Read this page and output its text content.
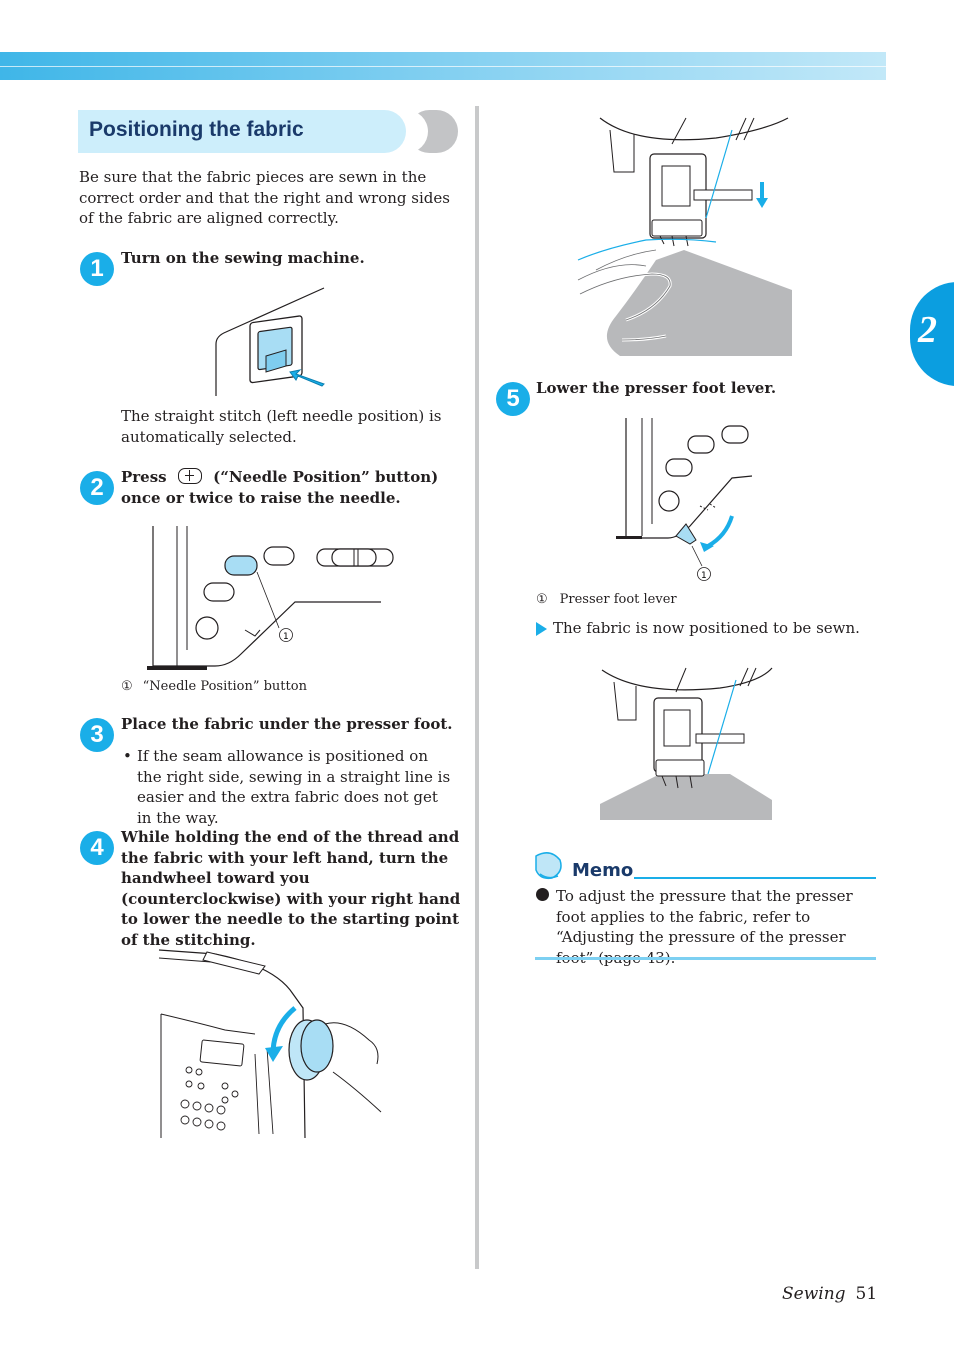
2
Positioning the fabric

Be sure that the fabric pieces are sewn in the correct order and that the right and wrong sides of the fabric are aligned correctly.

1	Turn on the sewing machine.

The straight stitch (left needle position) is automatically selected.

2	Press	(“Needle Position” button) once or twice to raise the needle.

1
① “Needle Position” button
3	Place the fabric under the presser foot.

• If the seam allowance is positioned on the right side, sewing in a straight line is easier and the extra fabric does not get in the way.
4	While holding the end of the thread and the fabric with your left hand, turn the handwheel toward you (counterclockwise) with your right hand to lower the needle to the starting point of the stitching.

5	Lower the presser foot lever.

1
① Presser foot lever
The fabric is now positioned to be sewn.
Memo
To adjust the pressure that the presser foot applies to the fabric, refer to “Adjusting the pressure of the presser
Sewing 51
